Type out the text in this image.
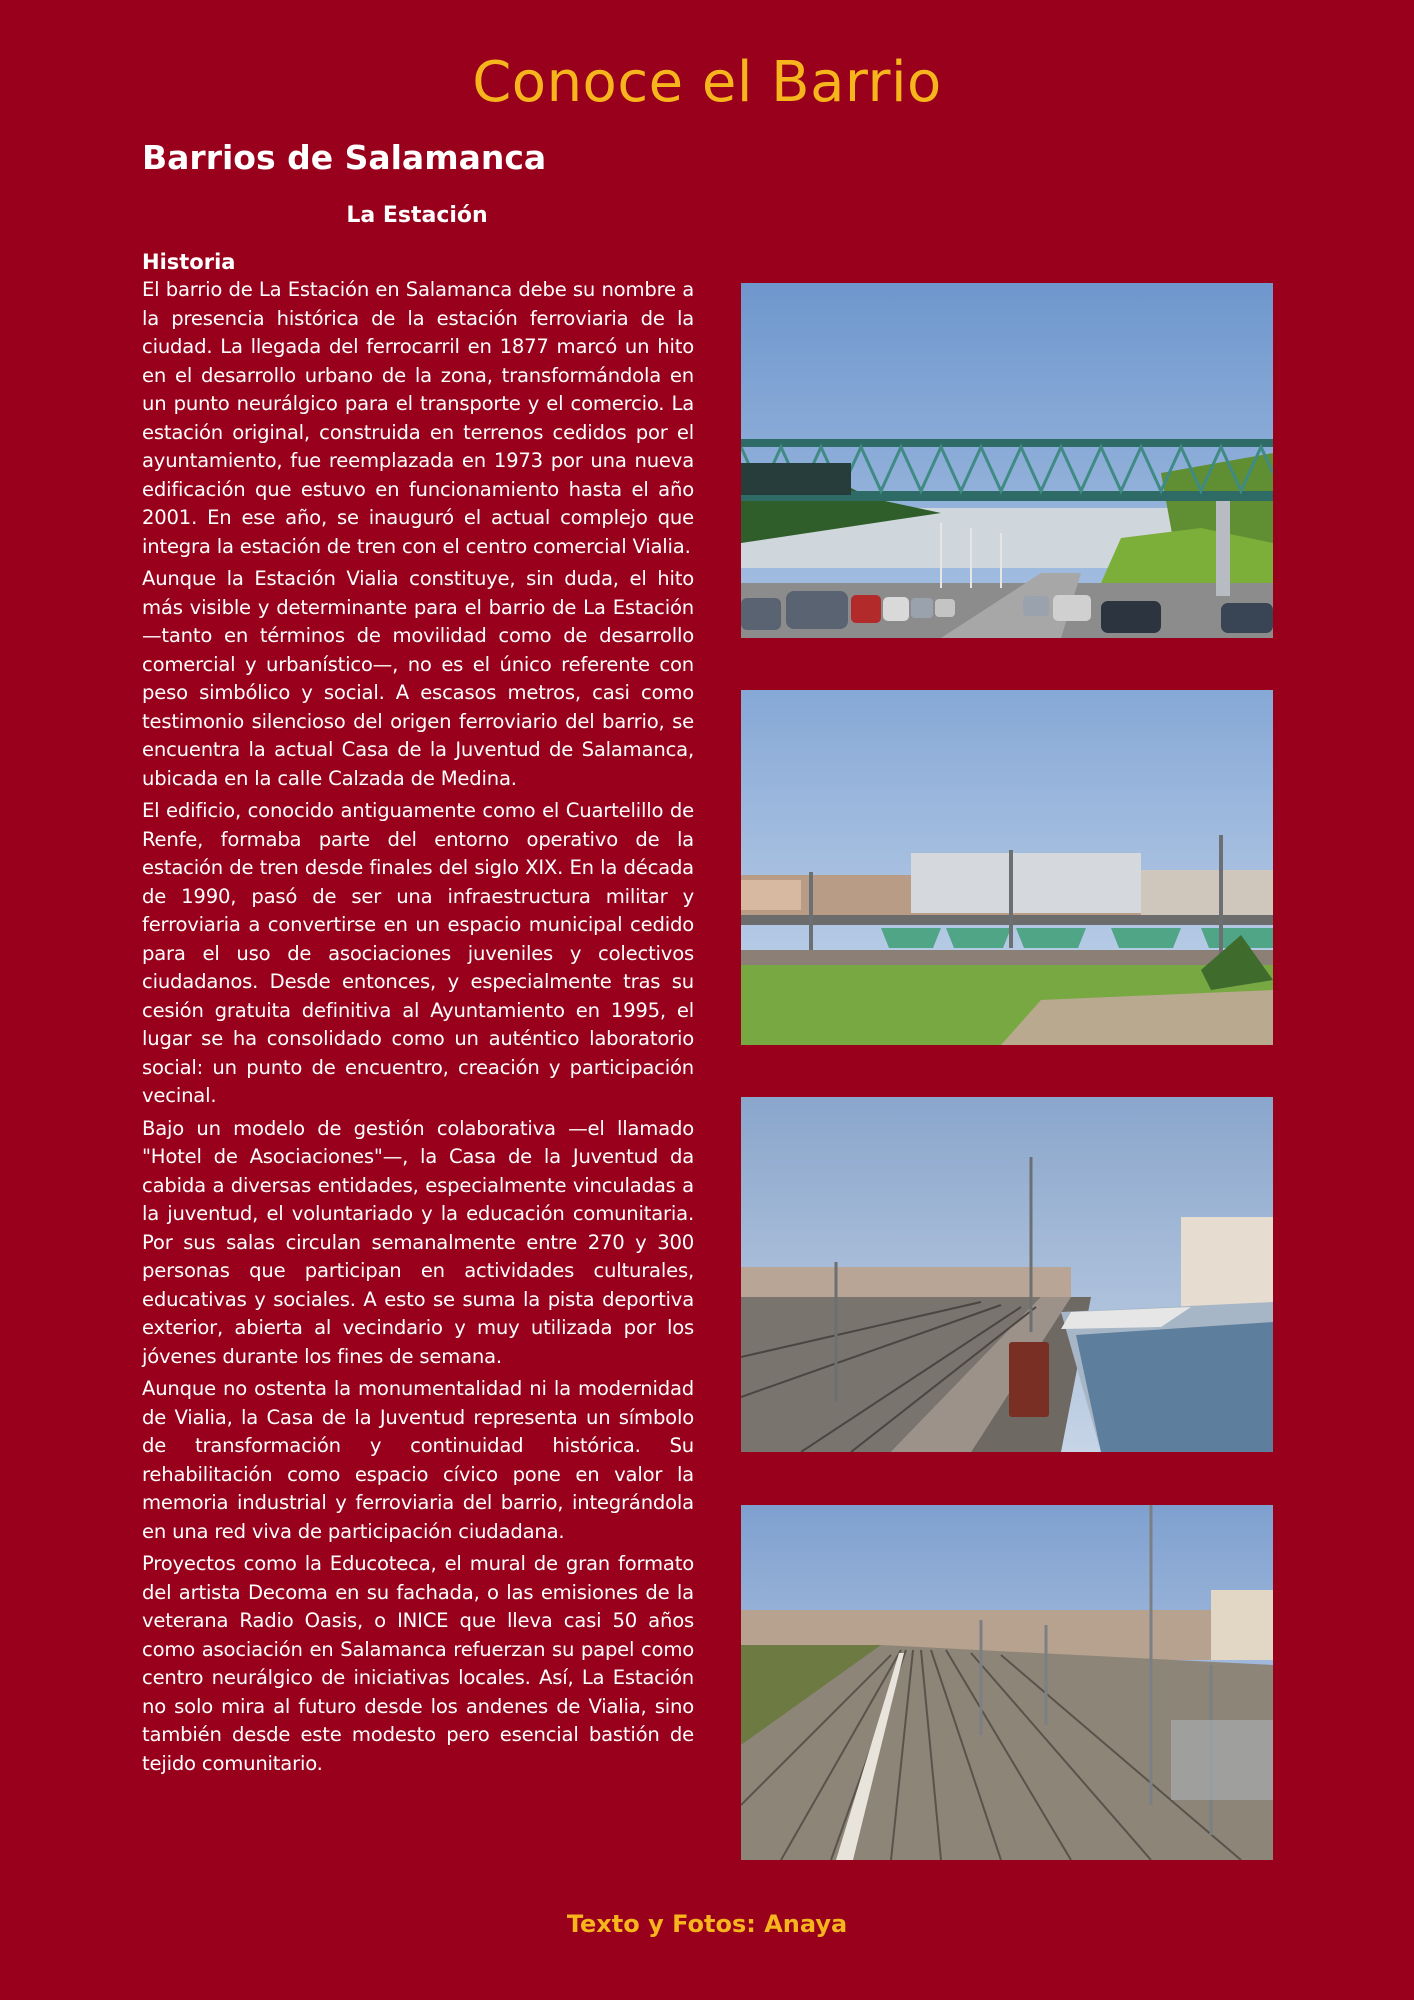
Conoce el Barrio
Barrios de Salamanca
La Estación
Historia

El barrio de La Estación en Salamanca debe su nombre a la presencia histórica de la estación ferroviaria de la ciudad. La llegada del ferrocarril en 1877 marcó un hito en el desarrollo urbano de la zona, transformándola en un punto neurálgico para el transporte y el comercio. La estación original, construida en terrenos cedidos por el ayuntamiento, fue reemplazada en 1973 por una nueva edificación que estuvo en funcionamiento hasta el año 2001. En ese año, se inauguró el actual complejo que integra la estación de tren con el centro comercial Vialia.

Aunque la Estación Vialia constituye, sin duda, el hito más visible y determinante para el barrio de La Estación —tanto en términos de movilidad como de desarrollo comercial y urbanístico—, no es el único referente con peso simbólico y social. A escasos metros, casi como testimonio silencioso del origen ferroviario del barrio, se encuentra la actual Casa de la Juventud de Salamanca, ubicada en la calle Calzada de Medina.

El edificio, conocido antiguamente como el Cuartelillo de Renfe, formaba parte del entorno operativo de la estación de tren desde finales del siglo XIX. En la década de 1990, pasó de ser una infraestructura militar y ferroviaria a convertirse en un espacio municipal cedido para el uso de asociaciones juveniles y colectivos ciudadanos. Desde entonces, y especialmente tras su cesión gratuita definitiva al Ayuntamiento en 1995, el lugar se ha consolidado como un auténtico laboratorio social: un punto de encuentro, creación y participación vecinal.

Bajo un modelo de gestión colaborativa —el llamado "Hotel de Asociaciones"—, la Casa de la Juventud da cabida a diversas entidades, especialmente vinculadas a la juventud, el voluntariado y la educación comunitaria. Por sus salas circulan semanalmente entre 270 y 300 personas que participan en actividades culturales, educativas y sociales. A esto se suma la pista deportiva exterior, abierta al vecindario y muy utilizada por los jóvenes durante los fines de semana.

Aunque no ostenta la monumentalidad ni la modernidad de Vialia, la Casa de la Juventud representa un símbolo de transformación y continuidad histórica. Su rehabilitación como espacio cívico pone en valor la memoria industrial y ferroviaria del barrio, integrándola en una red viva de participación ciudadana.

Proyectos como la Educoteca, el mural de gran formato del artista Decoma en su fachada, o las emisiones de la veterana Radio Oasis, o INICE que lleva casi 50 años como asociación en Salamanca refuerzan su papel como centro neurálgico de iniciativas locales. Así, La Estación no solo mira al futuro desde los andenes de Vialia, sino también desde este modesto pero esencial bastión de tejido comunitario.

Texto y Fotos: Anaya
